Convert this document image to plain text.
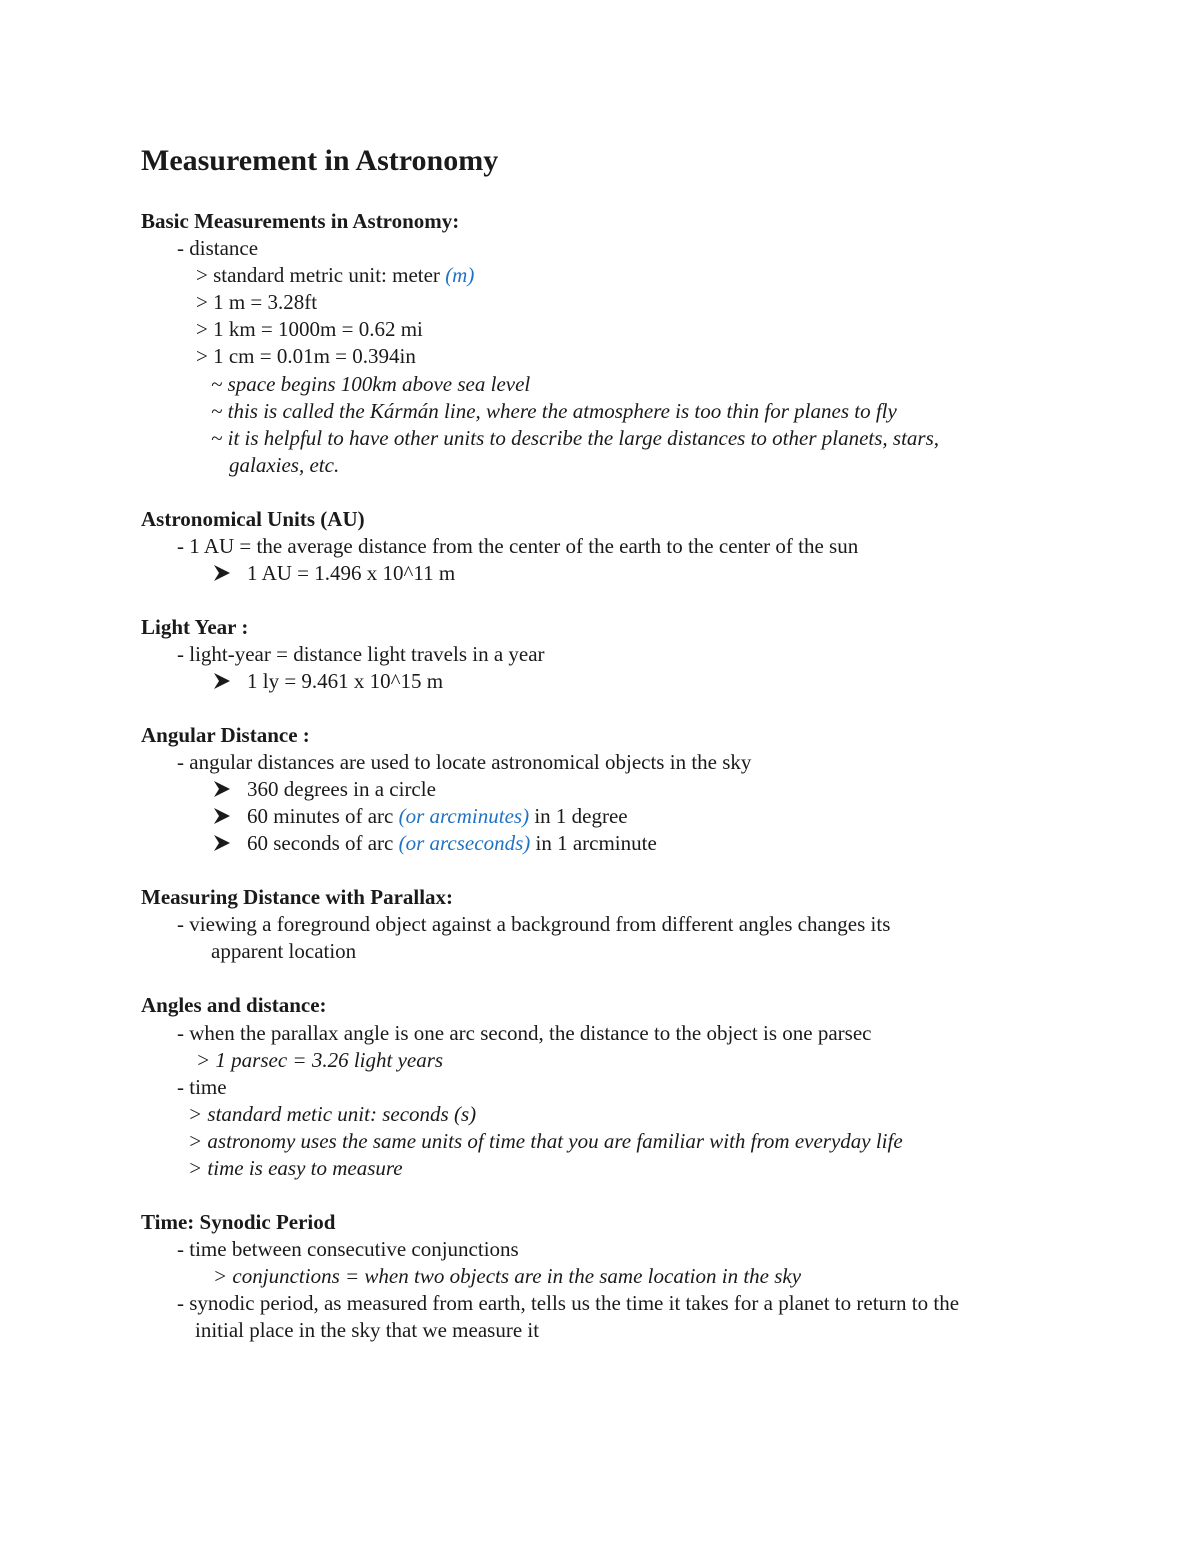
Measurement in Astronomy
Basic Measurements in Astronomy:
- distance
> standard metric unit: meter (m)
> 1 m = 3.28ft
> 1 km = 1000m = 0.62 mi
> 1 cm = 0.01m = 0.394in
~ space begins 100km above sea level
~ this is called the Kármán line, where the atmosphere is too thin for planes to fly
~ it is helpful to have other units to describe the large distances to other planets, stars,
galaxies, etc.
Astronomical Units (AU)
- 1 AU = the average distance from the center of the earth to the center of the sun
1 AU = 1.496 x 10^11 m
Light Year :
- light-year = distance light travels in a year
1 ly = 9.461 x 10^15 m
Angular Distance :
- angular distances are used to locate astronomical objects in the sky
360 degrees in a circle
60 minutes of arc (or arcminutes) in 1 degree
60 seconds of arc (or arcseconds) in 1 arcminute
Measuring Distance with Parallax:
- viewing a foreground object against a background from different angles changes its
apparent location
Angles and distance:
- when the parallax angle is one arc second, the distance to the object is one parsec
> 1 parsec = 3.26 light years
- time
> standard metic unit: seconds (s)
> astronomy uses the same units of time that you are familiar with from everyday life
> time is easy to measure
Time: Synodic Period
- time between consecutive conjunctions
> conjunctions = when two objects are in the same location in the sky
- synodic period, as measured from earth, tells us the time it takes for a planet to return to the
initial place in the sky that we measure it
